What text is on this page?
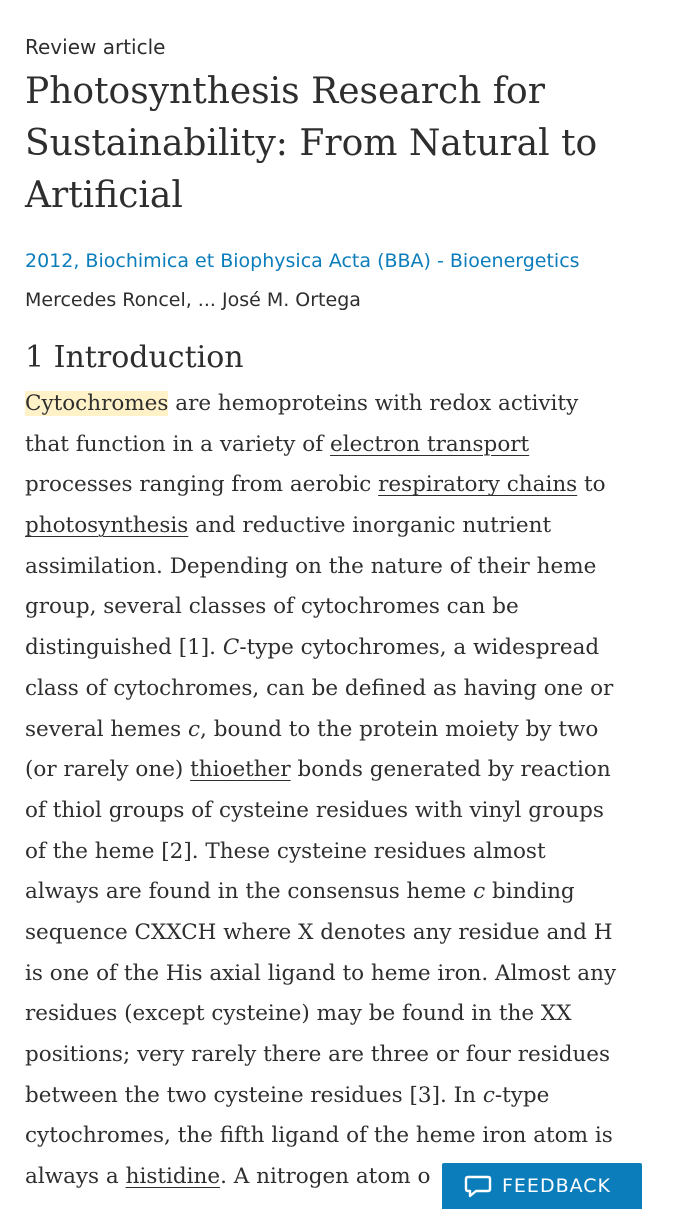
Review article
Photosynthesis Research for Sustainability: From Natural to Artificial
2012, Biochimica et Biophysica Acta (BBA) - Bioenergetics
Mercedes Roncel, ... José M. Ortega
1 Introduction
Cytochromes are hemoproteins with redox activity
that function in a variety of electron transport
processes ranging from aerobic respiratory chains to
photosynthesis and reductive inorganic nutrient
assimilation. Depending on the nature of their heme
group, several classes of cytochromes can be
distinguished [1]. C-type cytochromes, a widespread
class of cytochromes, can be defined as having one or
several hemes c, bound to the protein moiety by two
(or rarely one) thioether bonds generated by reaction
of thiol groups of cysteine residues with vinyl groups
of the heme [2]. These cysteine residues almost
always are found in the consensus heme c binding
sequence CXXCH where X denotes any residue and H
is one of the His axial ligand to heme iron. Almost any
residues (except cysteine) may be found in the XX
positions; very rarely there are three or four residues
between the two cysteine residues [3]. In c-type
cytochromes, the fifth ligand of the heme iron atom is
always a histidine. A nitrogen atom o	FEEDBACK
